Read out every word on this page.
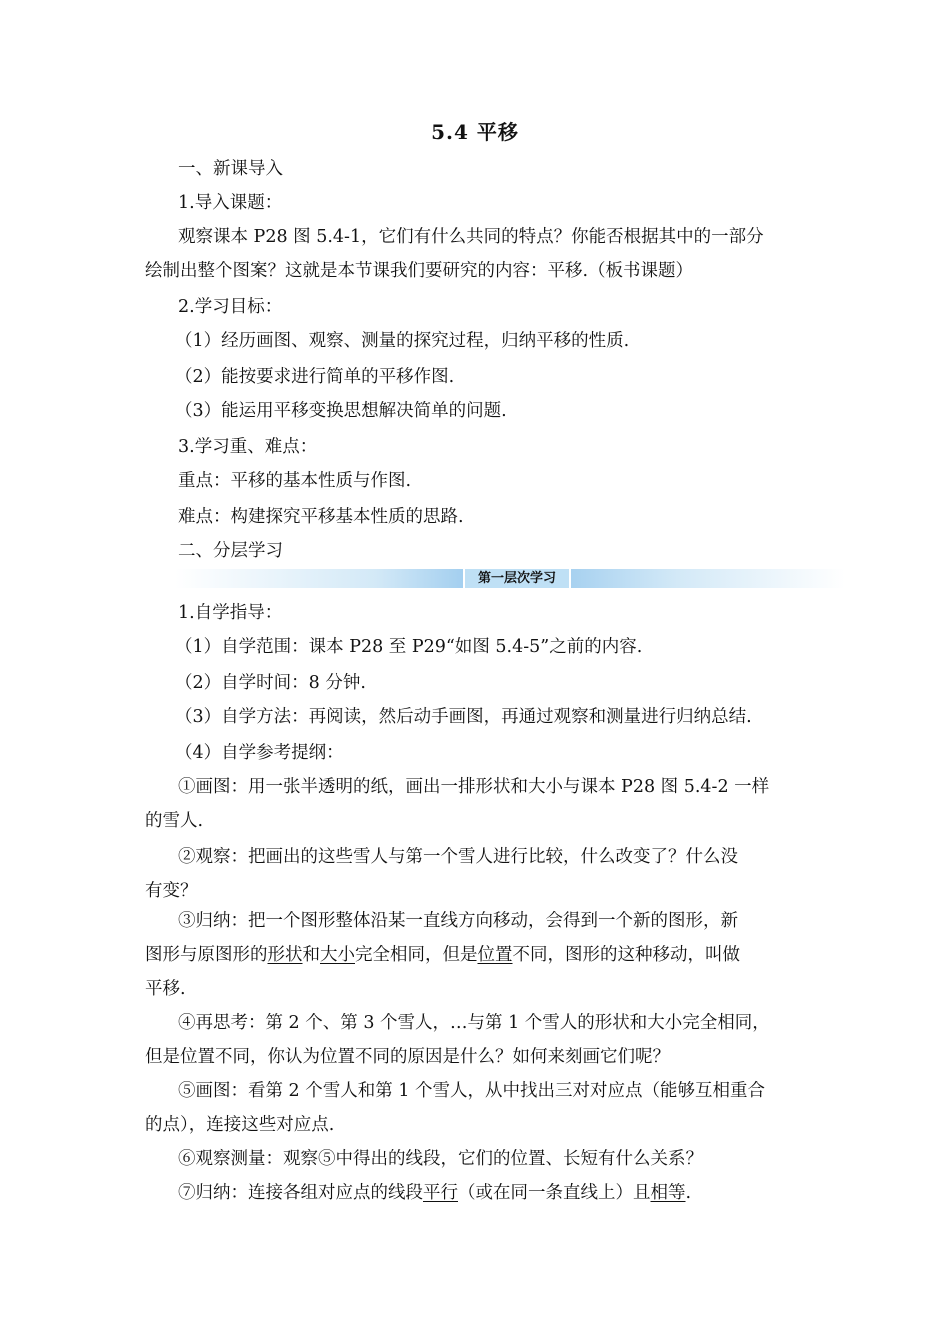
5.4 平移
一、新课导入
1.导入课题：
观察课本 P28 图 5.4-1，它们有什么共同的特点？你能否根据其中的一部分
绘制出整个图案？这就是本节课我们要研究的内容：平移.（板书课题）
2.学习目标：
（1）经历画图、观察、测量的探究过程，归纳平移的性质.
（2）能按要求进行简单的平移作图.
（3）能运用平移变换思想解决简单的问题.
3.学习重、难点：
重点：平移的基本性质与作图.
难点：构建探究平移基本性质的思路.
二、分层学习
第一层次学习
1.自学指导：
（1）自学范围：课本 P28 至 P29“如图 5.4-5”之前的内容.
（2）自学时间：8 分钟.
（3）自学方法：再阅读，然后动手画图，再通过观察和测量进行归纳总结.
（4）自学参考提纲：
①画图：用一张半透明的纸，画出一排形状和大小与课本 P28 图 5.4-2 一样
的雪人.
②观察：把画出的这些雪人与第一个雪人进行比较，什么改变了？什么没
有变？
③归纳：把一个图形整体沿某一直线方向移动，会得到一个新的图形，新
图形与原图形的形状和大小完全相同，但是位置不同，图形的这种移动，叫做
平移.
④再思考：第 2 个、第 3 个雪人，…与第 1 个雪人的形状和大小完全相同，
但是位置不同，你认为位置不同的原因是什么？如何来刻画它们呢？
⑤画图：看第 2 个雪人和第 1 个雪人，从中找出三对对应点（能够互相重合
的点），连接这些对应点.
⑥观察测量：观察⑤中得出的线段，它们的位置、长短有什么关系？
⑦归纳：连接各组对应点的线段平行（或在同一条直线上）且相等.
